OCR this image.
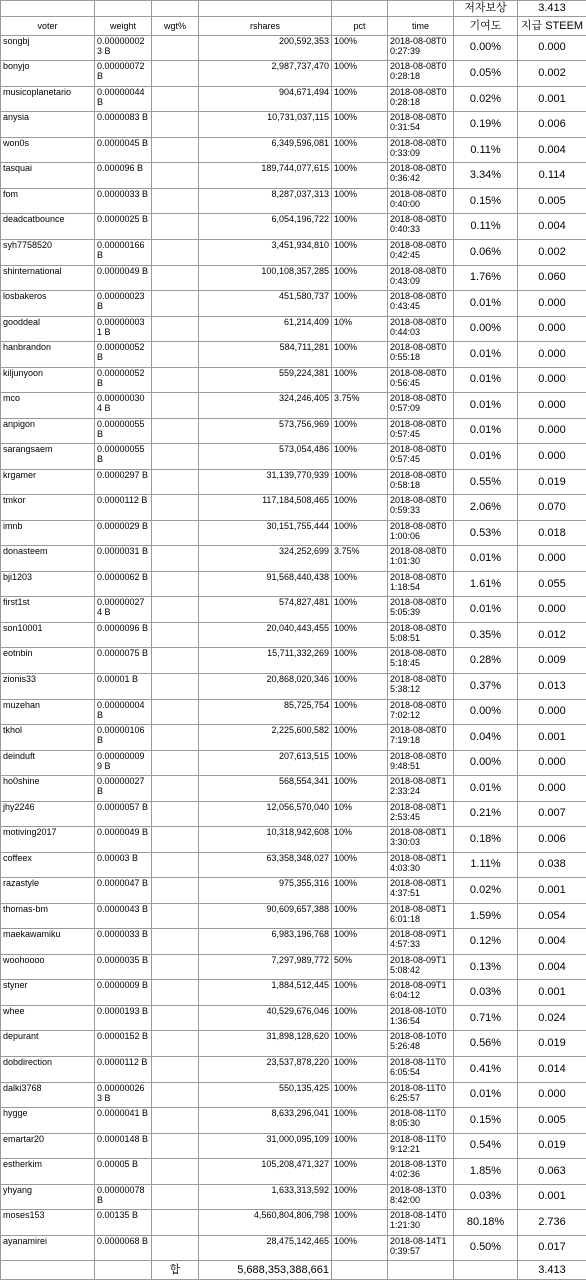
						저자보상	3.413
voter	weight	wgt%	rshares	pct	time	기여도	지급 STEEM
songbj	0.00000002 3 B		200,592,353	100%	2018-08-08T00:27:39	0.00%	0.000
bonyjo	0.00000072 B		2,987,737,470	100%	2018-08-08T00:28:18	0.05%	0.002
musicoplanetario	0.00000044 B		904,671,494	100%	2018-08-08T00:28:18	0.02%	0.001
anysia	0.0000083 B		10,731,037,115	100%	2018-08-08T00:31:54	0.19%	0.006
won0s	0.0000045 B		6,349,596,081	100%	2018-08-08T00:33:09	0.11%	0.004
tasquai	0.000096 B		189,744,077,615	100%	2018-08-08T00:36:42	3.34%	0.114
fom	0.0000033 B		8,287,037,313	100%	2018-08-08T00:40:00	0.15%	0.005
deadcatbounce	0.0000025 B		6,054,196,722	100%	2018-08-08T00:40:33	0.11%	0.004
syh7758520	0.00000166 B		3,451,934,810	100%	2018-08-08T00:42:45	0.06%	0.002
shinternational	0.0000049 B		100,108,357,285	100%	2018-08-08T00:43:09	1.76%	0.060
losbakeros	0.00000023 B		451,580,737	100%	2018-08-08T00:43:45	0.01%	0.000
gooddeal	0.00000003 1 B		61,214,409	10%	2018-08-08T00:44:03	0.00%	0.000
hanbrandon	0.00000052 B		584,711,281	100%	2018-08-08T00:55:18	0.01%	0.000
kiljunyoon	0.00000052 B		559,224,381	100%	2018-08-08T00:56:45	0.01%	0.000
mco	0.00000030 4 B		324,246,405	3.75%	2018-08-08T00:57:09	0.01%	0.000
anpigon	0.00000055 B		573,756,969	100%	2018-08-08T00:57:45	0.01%	0.000
sarangsaem	0.00000055 B		573,054,486	100%	2018-08-08T00:57:45	0.01%	0.000
krgamer	0.0000297 B		31,139,770,939	100%	2018-08-08T00:58:18	0.55%	0.019
tmkor	0.0000112 B		117,184,508,465	100%	2018-08-08T00:59:33	2.06%	0.070
imnb	0.0000029 B		30,151,755,444	100%	2018-08-08T01:00:06	0.53%	0.018
donasteem	0.0000031 B		324,252,699	3.75%	2018-08-08T01:01:30	0.01%	0.000
bji1203	0.0000062 B		91,568,440,438	100%	2018-08-08T01:18:54	1.61%	0.055
first1st	0.00000027 4 B		574,827,481	100%	2018-08-08T05:05:39	0.01%	0.000
son10001	0.0000096 B		20,040,443,455	100%	2018-08-08T05:08:51	0.35%	0.012
eotnbin	0.0000075 B		15,711,332,269	100%	2018-08-08T05:18:45	0.28%	0.009
zionis33	0.00001 B		20,868,020,346	100%	2018-08-08T05:38:12	0.37%	0.013
muzehan	0.00000004 B		85,725,754	100%	2018-08-08T07:02:12	0.00%	0.000
tkhol	0.00000106 B		2,225,600,582	100%	2018-08-08T07:19:18	0.04%	0.001
deinduft	0.00000009 9 B		207,613,515	100%	2018-08-08T09:48:51	0.00%	0.000
ho0shine	0.00000027 B		568,554,341	100%	2018-08-08T12:33:24	0.01%	0.000
jhy2246	0.0000057 B		12,056,570,040	10%	2018-08-08T12:53:45	0.21%	0.007
motiving2017	0.0000049 B		10,318,942,608	10%	2018-08-08T13:30:03	0.18%	0.006
coffeex	0.00003 B		63,358,348,027	100%	2018-08-08T14:03:30	1.11%	0.038
razastyle	0.0000047 B		975,355,316	100%	2018-08-08T14:37:51	0.02%	0.001
thomas-bm	0.0000043 B		90,609,657,388	100%	2018-08-08T16:01:18	1.59%	0.054
maekawamiku	0.0000033 B		6,983,196,768	100%	2018-08-09T14:57:33	0.12%	0.004
woohoooo	0.0000035 B		7,297,989,772	50%	2018-08-09T15:08:42	0.13%	0.004
styner	0.0000009 B		1,884,512,445	100%	2018-08-09T16:04:12	0.03%	0.001
whee	0.0000193 B		40,529,676,046	100%	2018-08-10T01:36:54	0.71%	0.024
depurant	0.0000152 B		31,898,128,620	100%	2018-08-10T05:26:48	0.56%	0.019
dobdirection	0.0000112 B		23,537,878,220	100%	2018-08-11T06:05:54	0.41%	0.014
dalki3768	0.00000026 3 B		550,135,425	100%	2018-08-11T06:25:57	0.01%	0.000
hygge	0.0000041 B		8,633,296,041	100%	2018-08-11T08:05:30	0.15%	0.005
emartar20	0.0000148 B		31,000,095,109	100%	2018-08-11T09:12:21	0.54%	0.019
estherkim	0.00005 B		105,208,471,327	100%	2018-08-13T04:02:36	1.85%	0.063
yhyang	0.00000078 B		1,633,313,592	100%	2018-08-13T08:42:00	0.03%	0.001
moses153	0.00135 B		4,560,804,806,798	100%	2018-08-14T01:21:30	80.18%	2.736
ayanamirei	0.0000068 B		28,475,142,465	100%	2018-08-14T10:39:57	0.50%	0.017
		합	5,688,353,388,661				3.413
